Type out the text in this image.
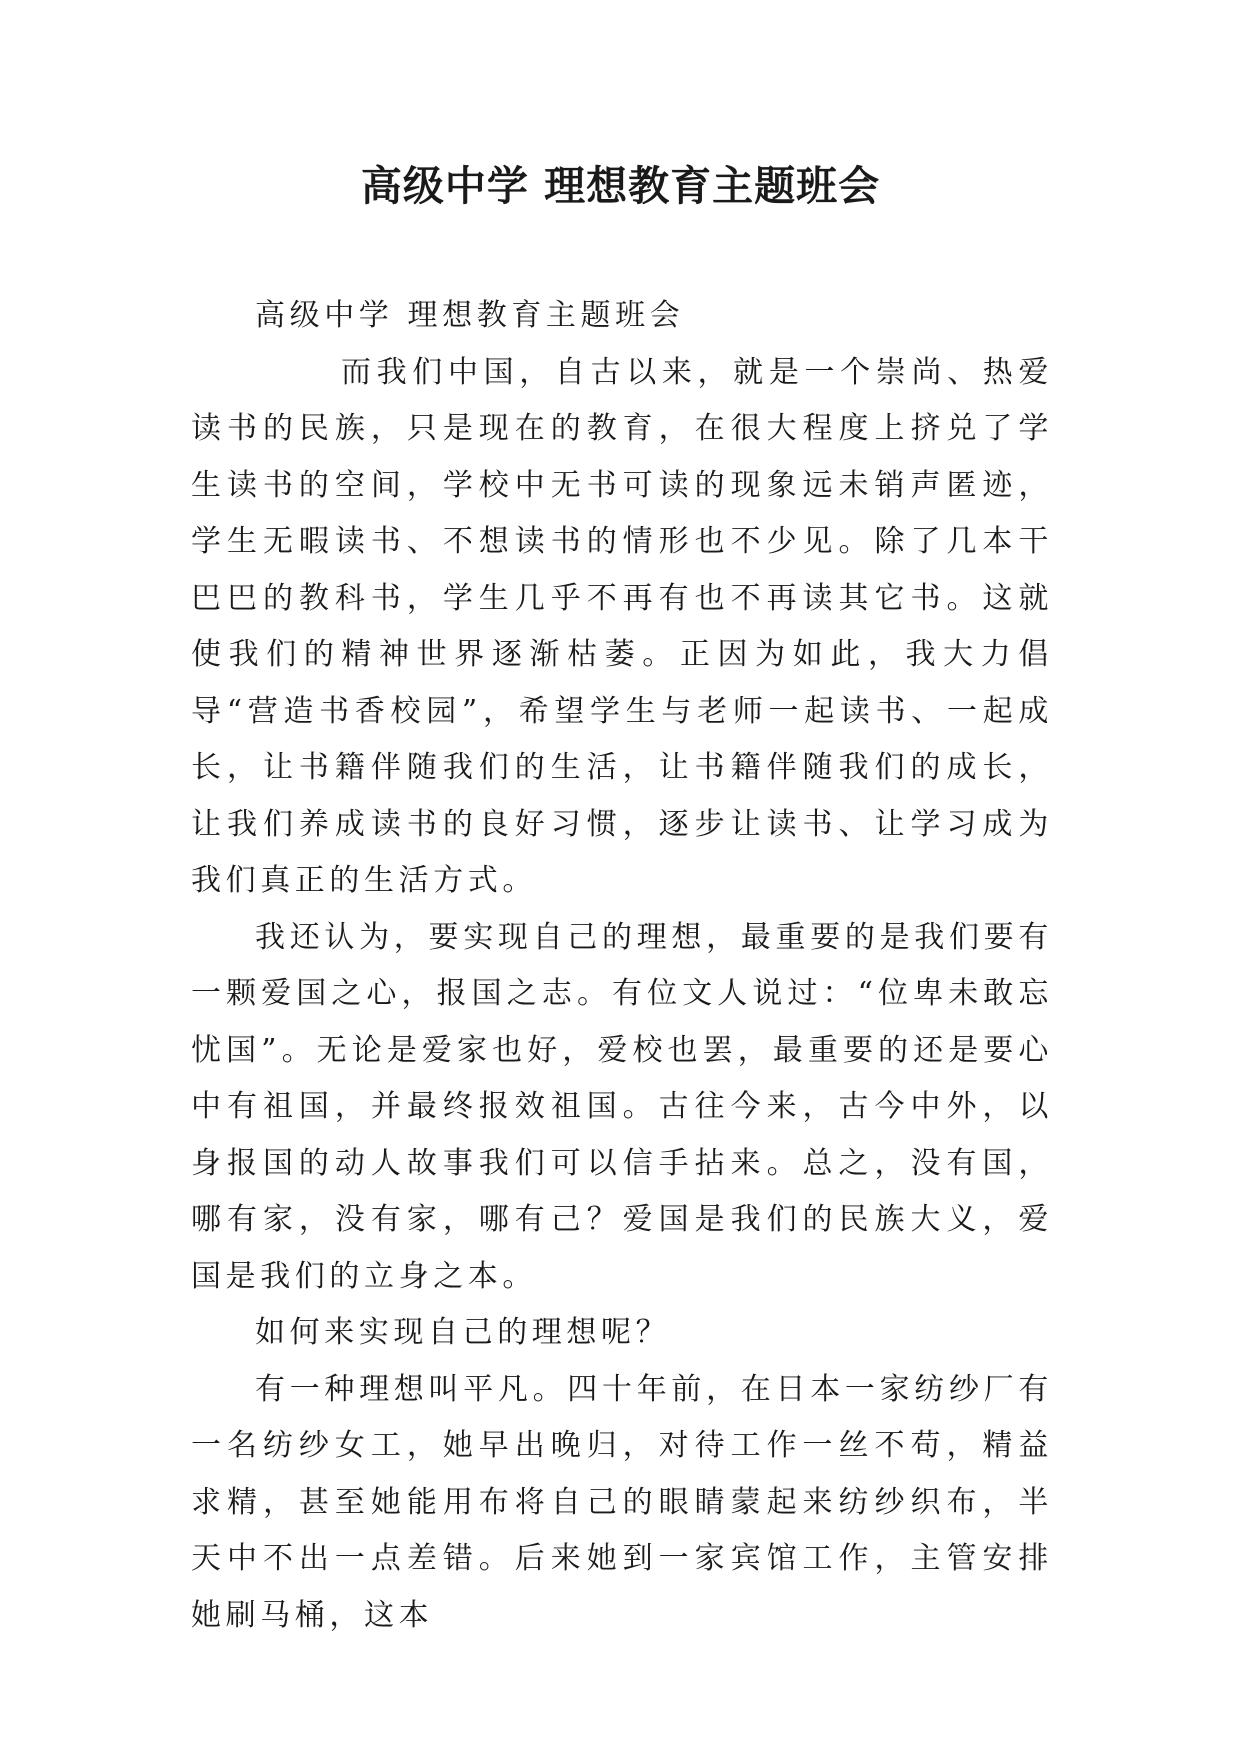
高级中学 理想教育主题班会

高级中学 理想教育主题班会

而我们中国，自古以来，就是一个崇尚、热爱读书的民族，只是现在的教育，在很大程度上挤兑了学生读书的空间，学校中无书可读的现象远未销声匿迹，学生无暇读书、不想读书的情形也不少见。除了几本干巴巴的教科书，学生几乎不再有也不再读其它书。这就使我们的精神世界逐渐枯萎。正因为如此，我大力倡导“营造书香校园”，希望学生与老师一起读书、一起成长，让书籍伴随我们的生活，让书籍伴随我们的成长，让我们养成读书的良好习惯，逐步让读书、让学习成为我们真正的生活方式。

我还认为，要实现自己的理想，最重要的是我们要有一颗爱国之心，报国之志。有位文人说过：“位卑未敢忘忧国”。无论是爱家也好，爱校也罢，最重要的还是要心中有祖国，并最终报效祖国。古往今来，古今中外，以身报国的动人故事我们可以信手拈来。总之，没有国，哪有家，没有家，哪有己？爱国是我们的民族大义，爱国是我们的立身之本。

如何来实现自己的理想呢？

有一种理想叫平凡。四十年前，在日本一家纺纱厂有一名纺纱女工，她早出晚归，对待工作一丝不苟，精益求精，甚至她能用布将自己的眼睛蒙起来纺纱织布，半天中不出一点差错。后来她到一家宾馆工作，主管安排她刷马桶，这本
